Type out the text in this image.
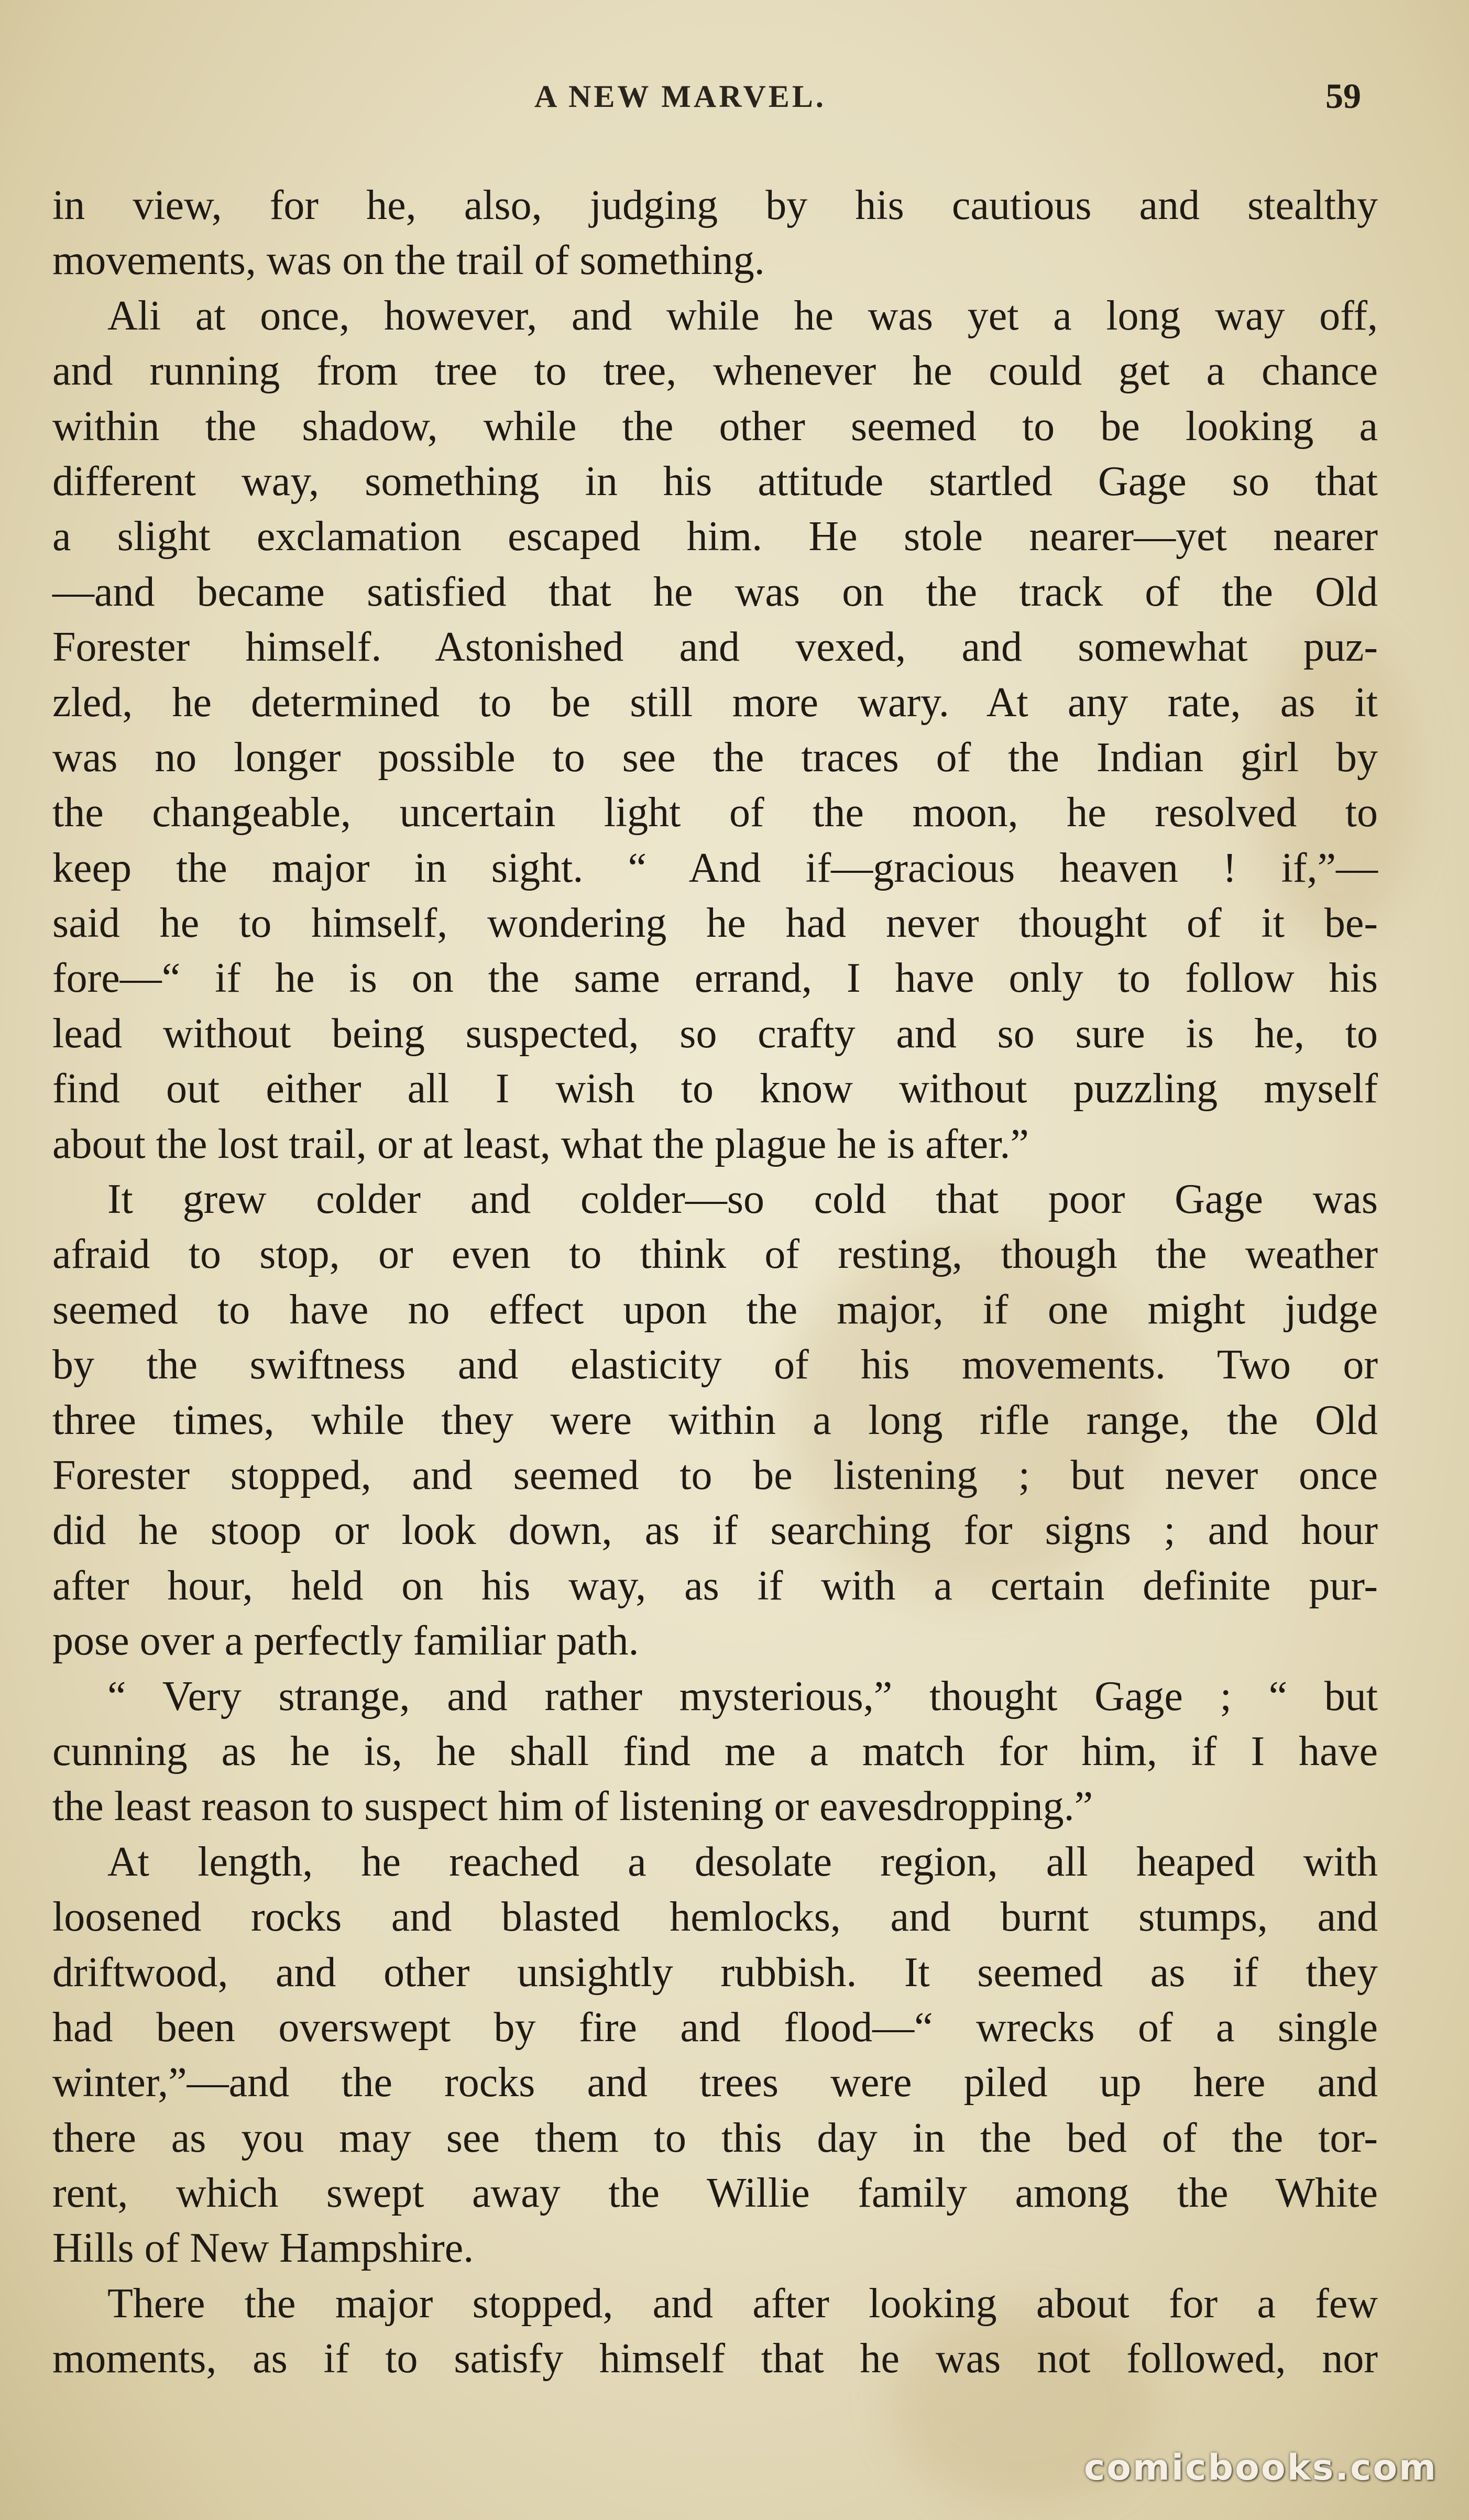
A NEW MARVEL.	59
in view, for he, also, judging by his cautious and stealthy
movements, was on the trail of something.
Ali at once, however, and while he was yet a long way off,
and running from tree to tree, whenever he could get a chance
within the shadow, while the other seemed to be looking a
different way, something in his attitude startled Gage so that
a slight exclamation escaped him. He stole nearer—yet nearer
—and became satisfied that he was on the track of the Old
Forester himself. Astonished and vexed, and somewhat puz-
zled, he determined to be still more wary. At any rate, as it
was no longer possible to see the traces of the Indian girl by
the changeable, uncertain light of the moon, he resolved to
keep the major in sight. “ And if—gracious heaven ! if,”—
said he to himself, wondering he had never thought of it be-
fore—“ if he is on the same errand, I have only to follow his
lead without being suspected, so crafty and so sure is he, to
find out either all I wish to know without puzzling myself
about the lost trail, or at least, what the plague he is after.”
It grew colder and colder—so cold that poor Gage was
afraid to stop, or even to think of resting, though the weather
seemed to have no effect upon the major, if one might judge
by the swiftness and elasticity of his movements. Two or
three times, while they were within a long rifle range, the Old
Forester stopped, and seemed to be listening ; but never once
did he stoop or look down, as if searching for signs ; and hour
after hour, held on his way, as if with a certain definite pur-
pose over a perfectly familiar path.
“ Very strange, and rather mysterious,” thought Gage ; “ but
cunning as he is, he shall find me a match for him, if I have
the least reason to suspect him of listening or eavesdropping.”
At length, he reached a desolate region, all heaped with
loosened rocks and blasted hemlocks, and burnt stumps, and
driftwood, and other unsightly rubbish. It seemed as if they
had been overswept by fire and flood—“ wrecks of a single
winter,”—and the rocks and trees were piled up here and
there as you may see them to this day in the bed of the tor-
rent, which swept away the Willie family among the White
Hills of New Hampshire.
There the major stopped, and after looking about for a few
moments, as if to satisfy himself that he was not followed, nor
comicbooks.com
